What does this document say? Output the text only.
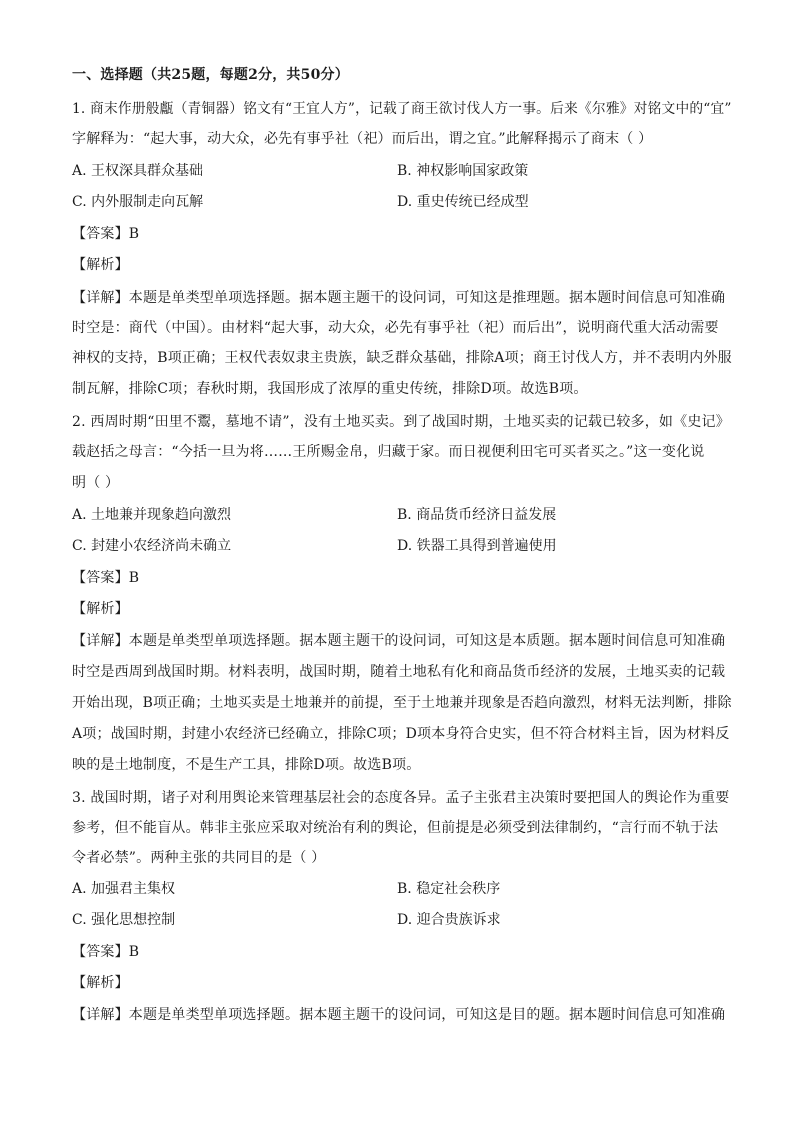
一、选择题（共25题，每题2分，共50分）
1. 商末作册般甗（青铜器）铭文有“王宜人方”，记载了商王欲讨伐人方一事。后来《尔雅》对铭文中的“宜”
字解释为：“起大事，动大众，必先有事乎社（祀）而后出，谓之宜。”此解释揭示了商末（ ）
A. 王权深具群众基础	B. 神权影响国家政策
C. 内外服制走向瓦解	D. 重史传统已经成型
【答案】B
【解析】
【详解】本题是单类型单项选择题。据本题主题干的设问词，可知这是推理题。据本题时间信息可知准确
时空是：商代（中国）。由材料“起大事，动大众，必先有事乎社（祀）而后出”，说明商代重大活动需要
神权的支持，B项正确；王权代表奴隶主贵族，缺乏群众基础，排除A项；商王讨伐人方，并不表明内外服
制瓦解，排除C项；春秋时期，我国形成了浓厚的重史传统，排除D项。故选B项。
2. 西周时期“田里不鬻，墓地不请”，没有土地买卖。到了战国时期，土地买卖的记载已较多，如《史记》
载赵括之母言：“今括一旦为将……王所赐金帛，归藏于家。而日视便利田宅可买者买之。”这一变化说
明（ ）
A. 土地兼并现象趋向激烈	B. 商品货币经济日益发展
C. 封建小农经济尚未确立	D. 铁器工具得到普遍使用
【答案】B
【解析】
【详解】本题是单类型单项选择题。据本题主题干的设问词，可知这是本质题。据本题时间信息可知准确
时空是西周到战国时期。材料表明，战国时期，随着土地私有化和商品货币经济的发展，土地买卖的记载
开始出现，B项正确；土地买卖是土地兼并的前提，至于土地兼并现象是否趋向激烈，材料无法判断，排除
A项；战国时期，封建小农经济已经确立，排除C项；D项本身符合史实，但不符合材料主旨，因为材料反
映的是土地制度，不是生产工具，排除D项。故选B项。
3. 战国时期，诸子对利用舆论来管理基层社会的态度各异。孟子主张君主决策时要把国人的舆论作为重要
参考，但不能盲从。韩非主张应采取对统治有利的舆论，但前提是必须受到法律制约，“言行而不轨于法
令者必禁”。两种主张的共同目的是（ ）
A. 加强君主集权	B. 稳定社会秩序
C. 强化思想控制	D. 迎合贵族诉求
【答案】B
【解析】
【详解】本题是单类型单项选择题。据本题主题干的设问词，可知这是目的题。据本题时间信息可知准确
